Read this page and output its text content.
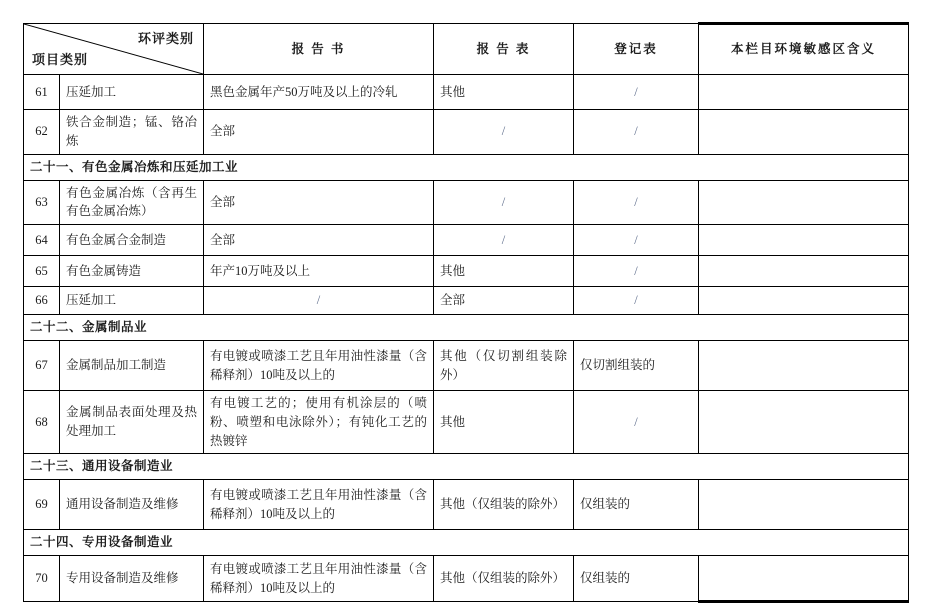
环评类别
项目类别		报 告 书	报 告 表	登记表	本栏目环境敏感区含义
61	压延加工	黑色金属年产50万吨及以上的冷轧	其他	/	
62	铁合金制造；锰、铬冶炼	全部	/	/	
二十一、有色金属冶炼和压延加工业					
63	有色金属冶炼（含再生有色金属冶炼）	全部	/	/	
64	有色金属合金制造	全部	/	/	
65	有色金属铸造	年产10万吨及以上	其他	/	
66	压延加工	/	全部	/	
二十二、金属制品业					
67	金属制品加工制造	有电镀或喷漆工艺且年用油性漆量（含稀释剂）10吨及以上的	其他（仅切割组装除外）	仅切割组装的	
68	金属制品表面处理及热处理加工	有电镀工艺的；使用有机涂层的（喷粉、喷塑和电泳除外）；有钝化工艺的热镀锌	其他	/	
二十三、通用设备制造业					
69	通用设备制造及维修	有电镀或喷漆工艺且年用油性漆量（含稀释剂）10吨及以上的	其他（仅组装的除外）	仅组装的	
二十四、专用设备制造业					
70	专用设备制造及维修	有电镀或喷漆工艺且年用油性漆量（含稀释剂）10吨及以上的	其他（仅组装的除外）	仅组装的	
